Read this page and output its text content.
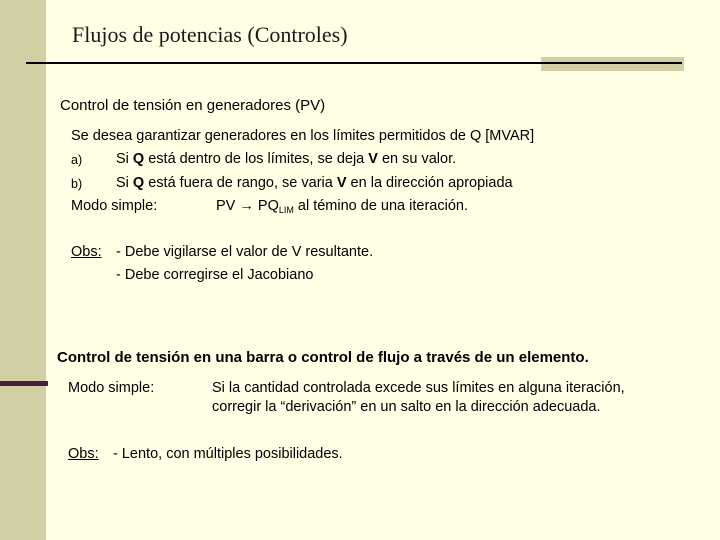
Flujos de potencias (Controles)
Control de tensión en generadores (PV)
Se desea garantizar generadores en los límites permitidos de Q [MVAR]
a) Si Q está dentro de los límites, se deja V en su valor.
b) Si Q está fuera de rango, se varia V en la dirección apropiada
Modo simple:	PV → $PQ_{LIM}$ al témino de una iteración.
Obs: - Debe vigilarse el valor de V resultante.
- Debe corregirse el Jacobiano
Control de tensión en una barra o control de flujo a través de un elemento.
Modo simple:	Si la cantidad controlada excede sus límites en alguna iteración,
corregir la “derivación” en un salto en la dirección adecuada.
Obs: - Lento, con múltiples posibilidades.
